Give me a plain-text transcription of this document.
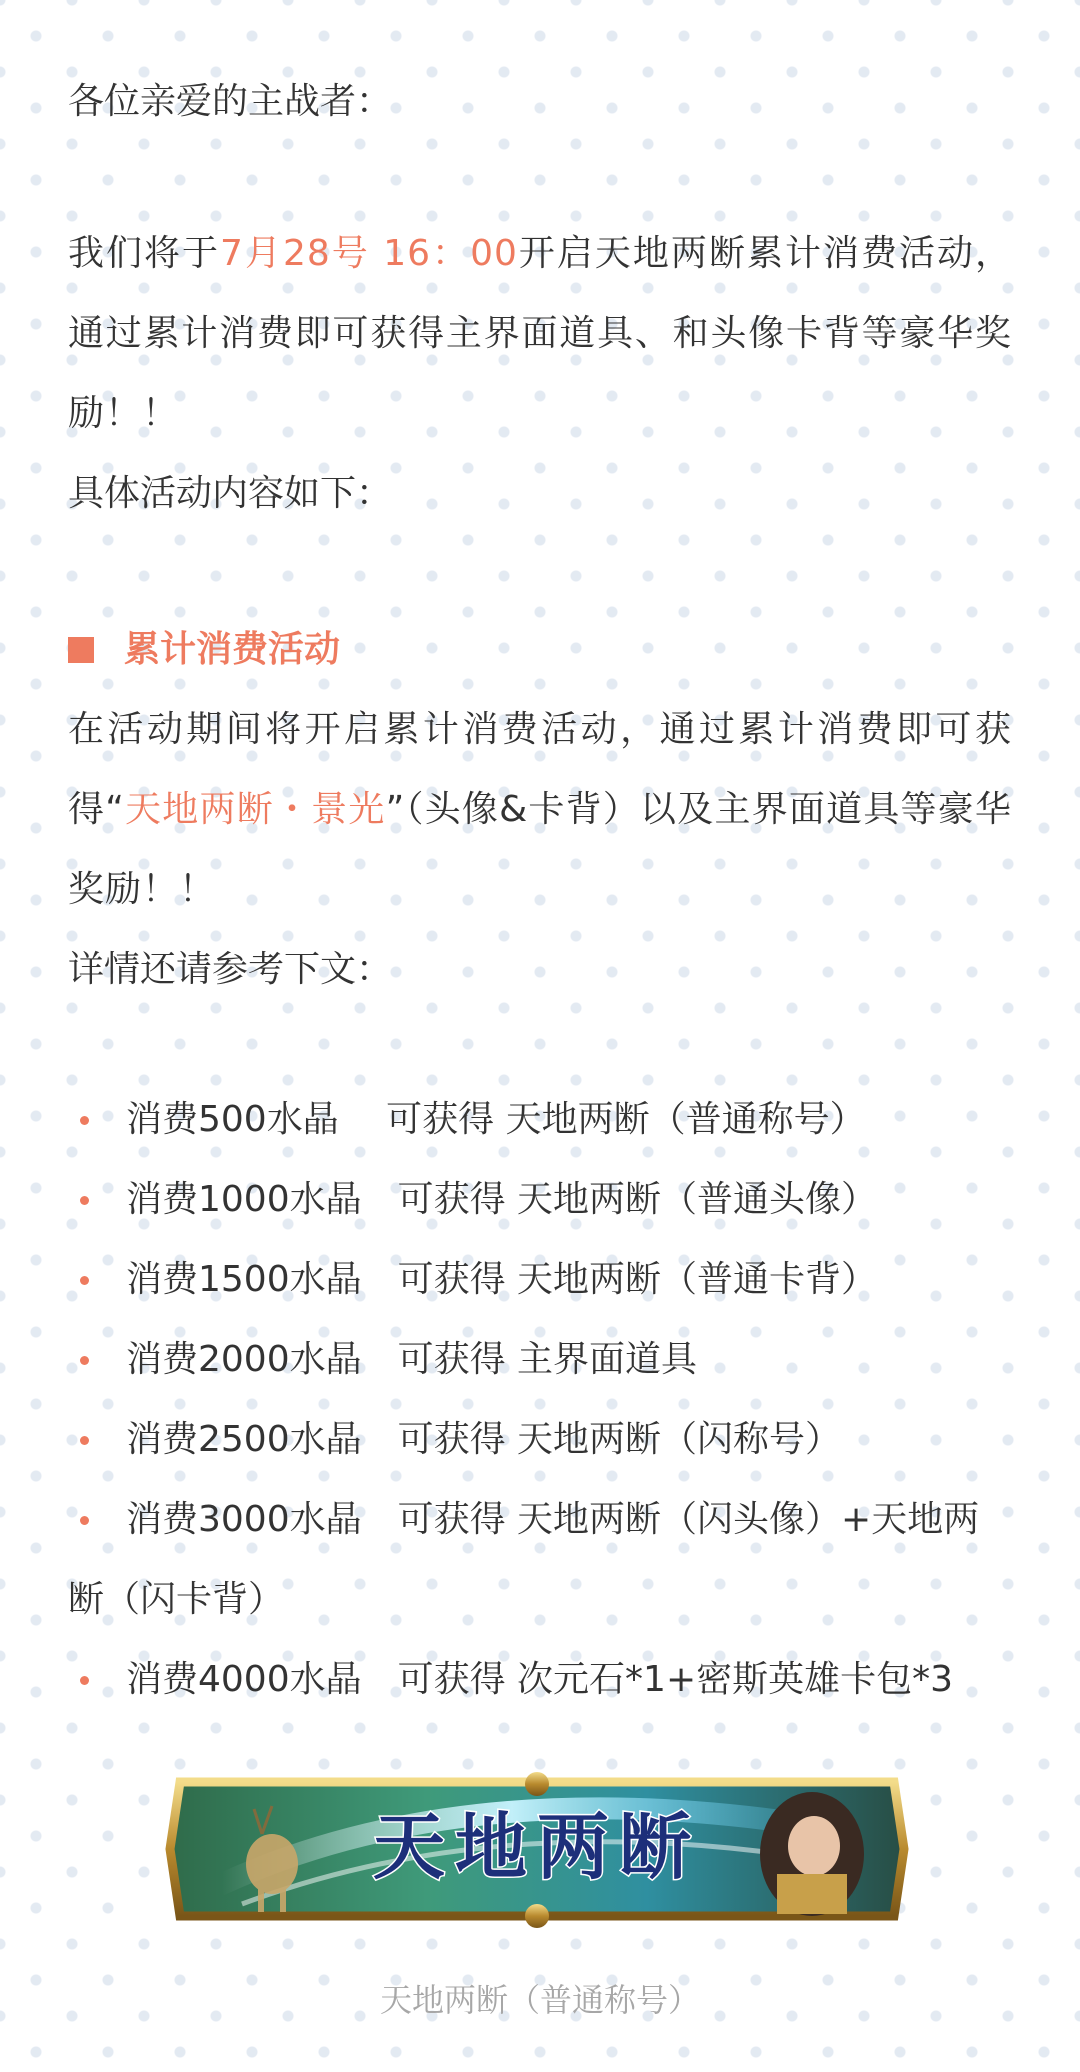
各位亲爱的主战者：
我们将于7月28号 16：00开启天地两断累计消费活动，通过累计消费即可获得主界面道具、和头像卡背等豪华奖励！！
具体活动内容如下：
累计消费活动
在活动期间将开启累计消费活动，通过累计消费即可获得“天地两断・景光”（头像&卡背）以及主界面道具等豪华奖励！！
详情还请参考下文：
消费500水晶　 可获得 天地两断（普通称号）
消费1000水晶　可获得 天地两断（普通头像）
消费1500水晶　可获得 天地两断（普通卡背）
消费2000水晶　可获得 主界面道具
消费2500水晶　可获得 天地两断（闪称号）
消费3000水晶　可获得 天地两断（闪头像）+天地两断（闪卡背）
消费4000水晶　可获得 次元石*1+密斯英雄卡包*3
天地两断
天地两断（普通称号）
